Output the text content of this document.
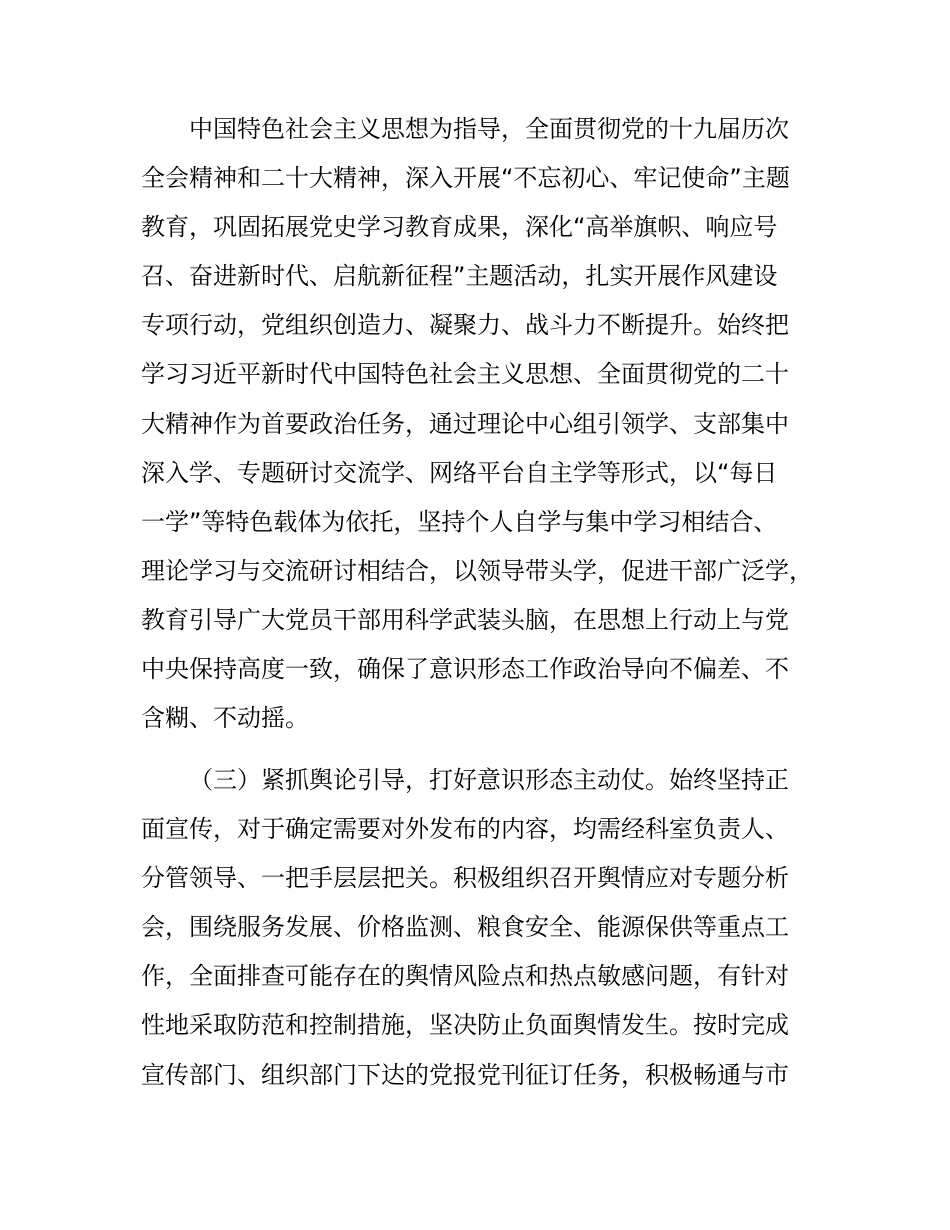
中国特色社会主义思想为指导，全面贯彻党的十九届历次
全会精神和二十大精神，深入开展“不忘初心、牢记使命”主题
教育，巩固拓展党史学习教育成果，深化“高举旗帜、响应号
召、奋进新时代、启航新征程”主题活动，扎实开展作风建设
专项行动，党组织创造力、凝聚力、战斗力不断提升。始终把
学习习近平新时代中国特色社会主义思想、全面贯彻党的二十
大精神作为首要政治任务，通过理论中心组引领学、支部集中
深入学、专题研讨交流学、网络平台自主学等形式，以“每日
一学”等特色载体为依托，坚持个人自学与集中学习相结合、
理论学习与交流研讨相结合，以领导带头学，促进干部广泛学，
教育引导广大党员干部用科学武装头脑，在思想上行动上与党
中央保持高度一致，确保了意识形态工作政治导向不偏差、不
含糊、不动摇。
（三）紧抓舆论引导，打好意识形态主动仗。始终坚持正
面宣传，对于确定需要对外发布的内容，均需经科室负责人、
分管领导、一把手层层把关。积极组织召开舆情应对专题分析
会，围绕服务发展、价格监测、粮食安全、能源保供等重点工
作，全面排查可能存在的舆情风险点和热点敏感问题，有针对
性地采取防范和控制措施，坚决防止负面舆情发生。按时完成
宣传部门、组织部门下达的党报党刊征订任务，积极畅通与市
